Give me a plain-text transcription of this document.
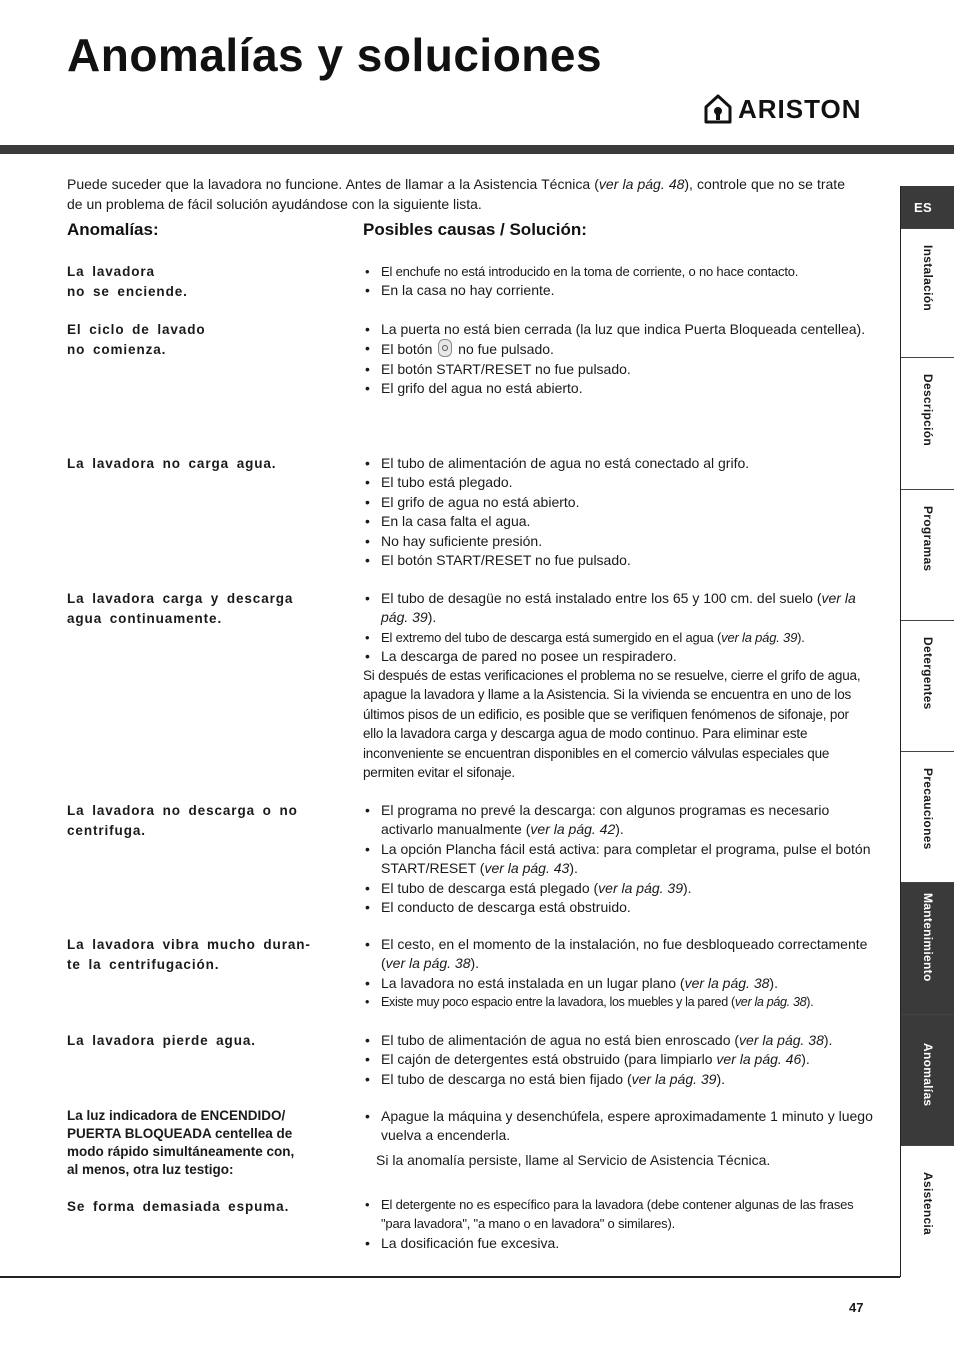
Anomalías y soluciones
ARISTON

Puede suceder que la lavadora no funcione. Antes de llamar a la Asistencia Técnica (ver la pág. 48), controle que no se trate de un problema de fácil solución ayudándose con la siguiente lista.

Anomalías:	Posibles causas / Solución:

La lavadora
no se enciende.

• El enchufe no está introducido en la toma de corriente, o no hace contacto.
• En la casa no hay corriente.

El ciclo de lavado
no comienza.

• La puerta no está bien cerrada (la luz que indica Puerta Bloqueada centellea).
• El botón no fue pulsado.
• El botón START/RESET no fue pulsado.
• El grifo del agua no está abierto.

La lavadora no carga agua.	• El tubo de alimentación de agua no está conectado al grifo.
• El tubo está plegado.
• El grifo de agua no está abierto.
• En la casa falta el agua.
• No hay suficiente presión.
• El botón START/RESET no fue pulsado.

La lavadora carga y descarga
agua continuamente.

• El tubo de desagüe no está instalado entre los 65 y 100 cm. del suelo (ver la pág. 39).
• El extremo del tubo de descarga está sumergido en el agua (ver la pág. 39).
• La descarga de pared no posee un respiradero.

Si después de estas verificaciones el problema no se resuelve, cierre el grifo de agua, apague la lavadora y llame a la Asistencia. Si la vivienda se encuentra en uno de los últimos pisos de un edificio, es posible que se verifiquen fenómenos de sifonaje, por ello la lavadora carga y descarga agua de modo continuo. Para eliminar este inconveniente se encuentran disponibles en el comercio válvulas especiales que permiten evitar el sifonaje.

La lavadora no descarga o no
centrifuga.

• El programa no prevé la descarga: con algunos programas es necesario activarlo manualmente (ver la pág. 42).
• La opción Plancha fácil está activa: para completar el programa, pulse el botón START/RESET (ver la pág. 43).
• El tubo de descarga está plegado (ver la pág. 39).
• El conducto de descarga está obstruido.

La lavadora vibra mucho duran-
te la centrifugación.

• El cesto, en el momento de la instalación, no fue desbloqueado correctamente (ver la pág. 38).
• La lavadora no está instalada en un lugar plano (ver la pág. 38).
• Existe muy poco espacio entre la lavadora, los muebles y la pared (ver la pág. 38).

La lavadora pierde agua.	• El tubo de alimentación de agua no está bien enroscado (ver la pág. 38).
• El cajón de detergentes está obstruido (para limpiarlo ver la pág. 46).
• El tubo de descarga no está bien fijado (ver la pág. 39).

La luz indicadora de ENCENDIDO/
PUERTA BLOQUEADA centellea de
modo rápido simultáneamente con,
al menos, otra luz testigo:

• Apague la máquina y desenchúfela, espere aproximadamente 1 minuto y luego vuelva a encenderla.

Si la anomalía persiste, llame al Servicio de Asistencia Técnica.

Se forma demasiada espuma.	• El detergente no es específico para la lavadora (debe contener algunas de las frases "para lavadora", "a mano o en lavadora" o similares).
• La dosificación fue excesiva.
ES
Instalación
Descripción
Programas
Detergentes
Precauciones
Mantenimiento
Anomalías
Asistencia

47
